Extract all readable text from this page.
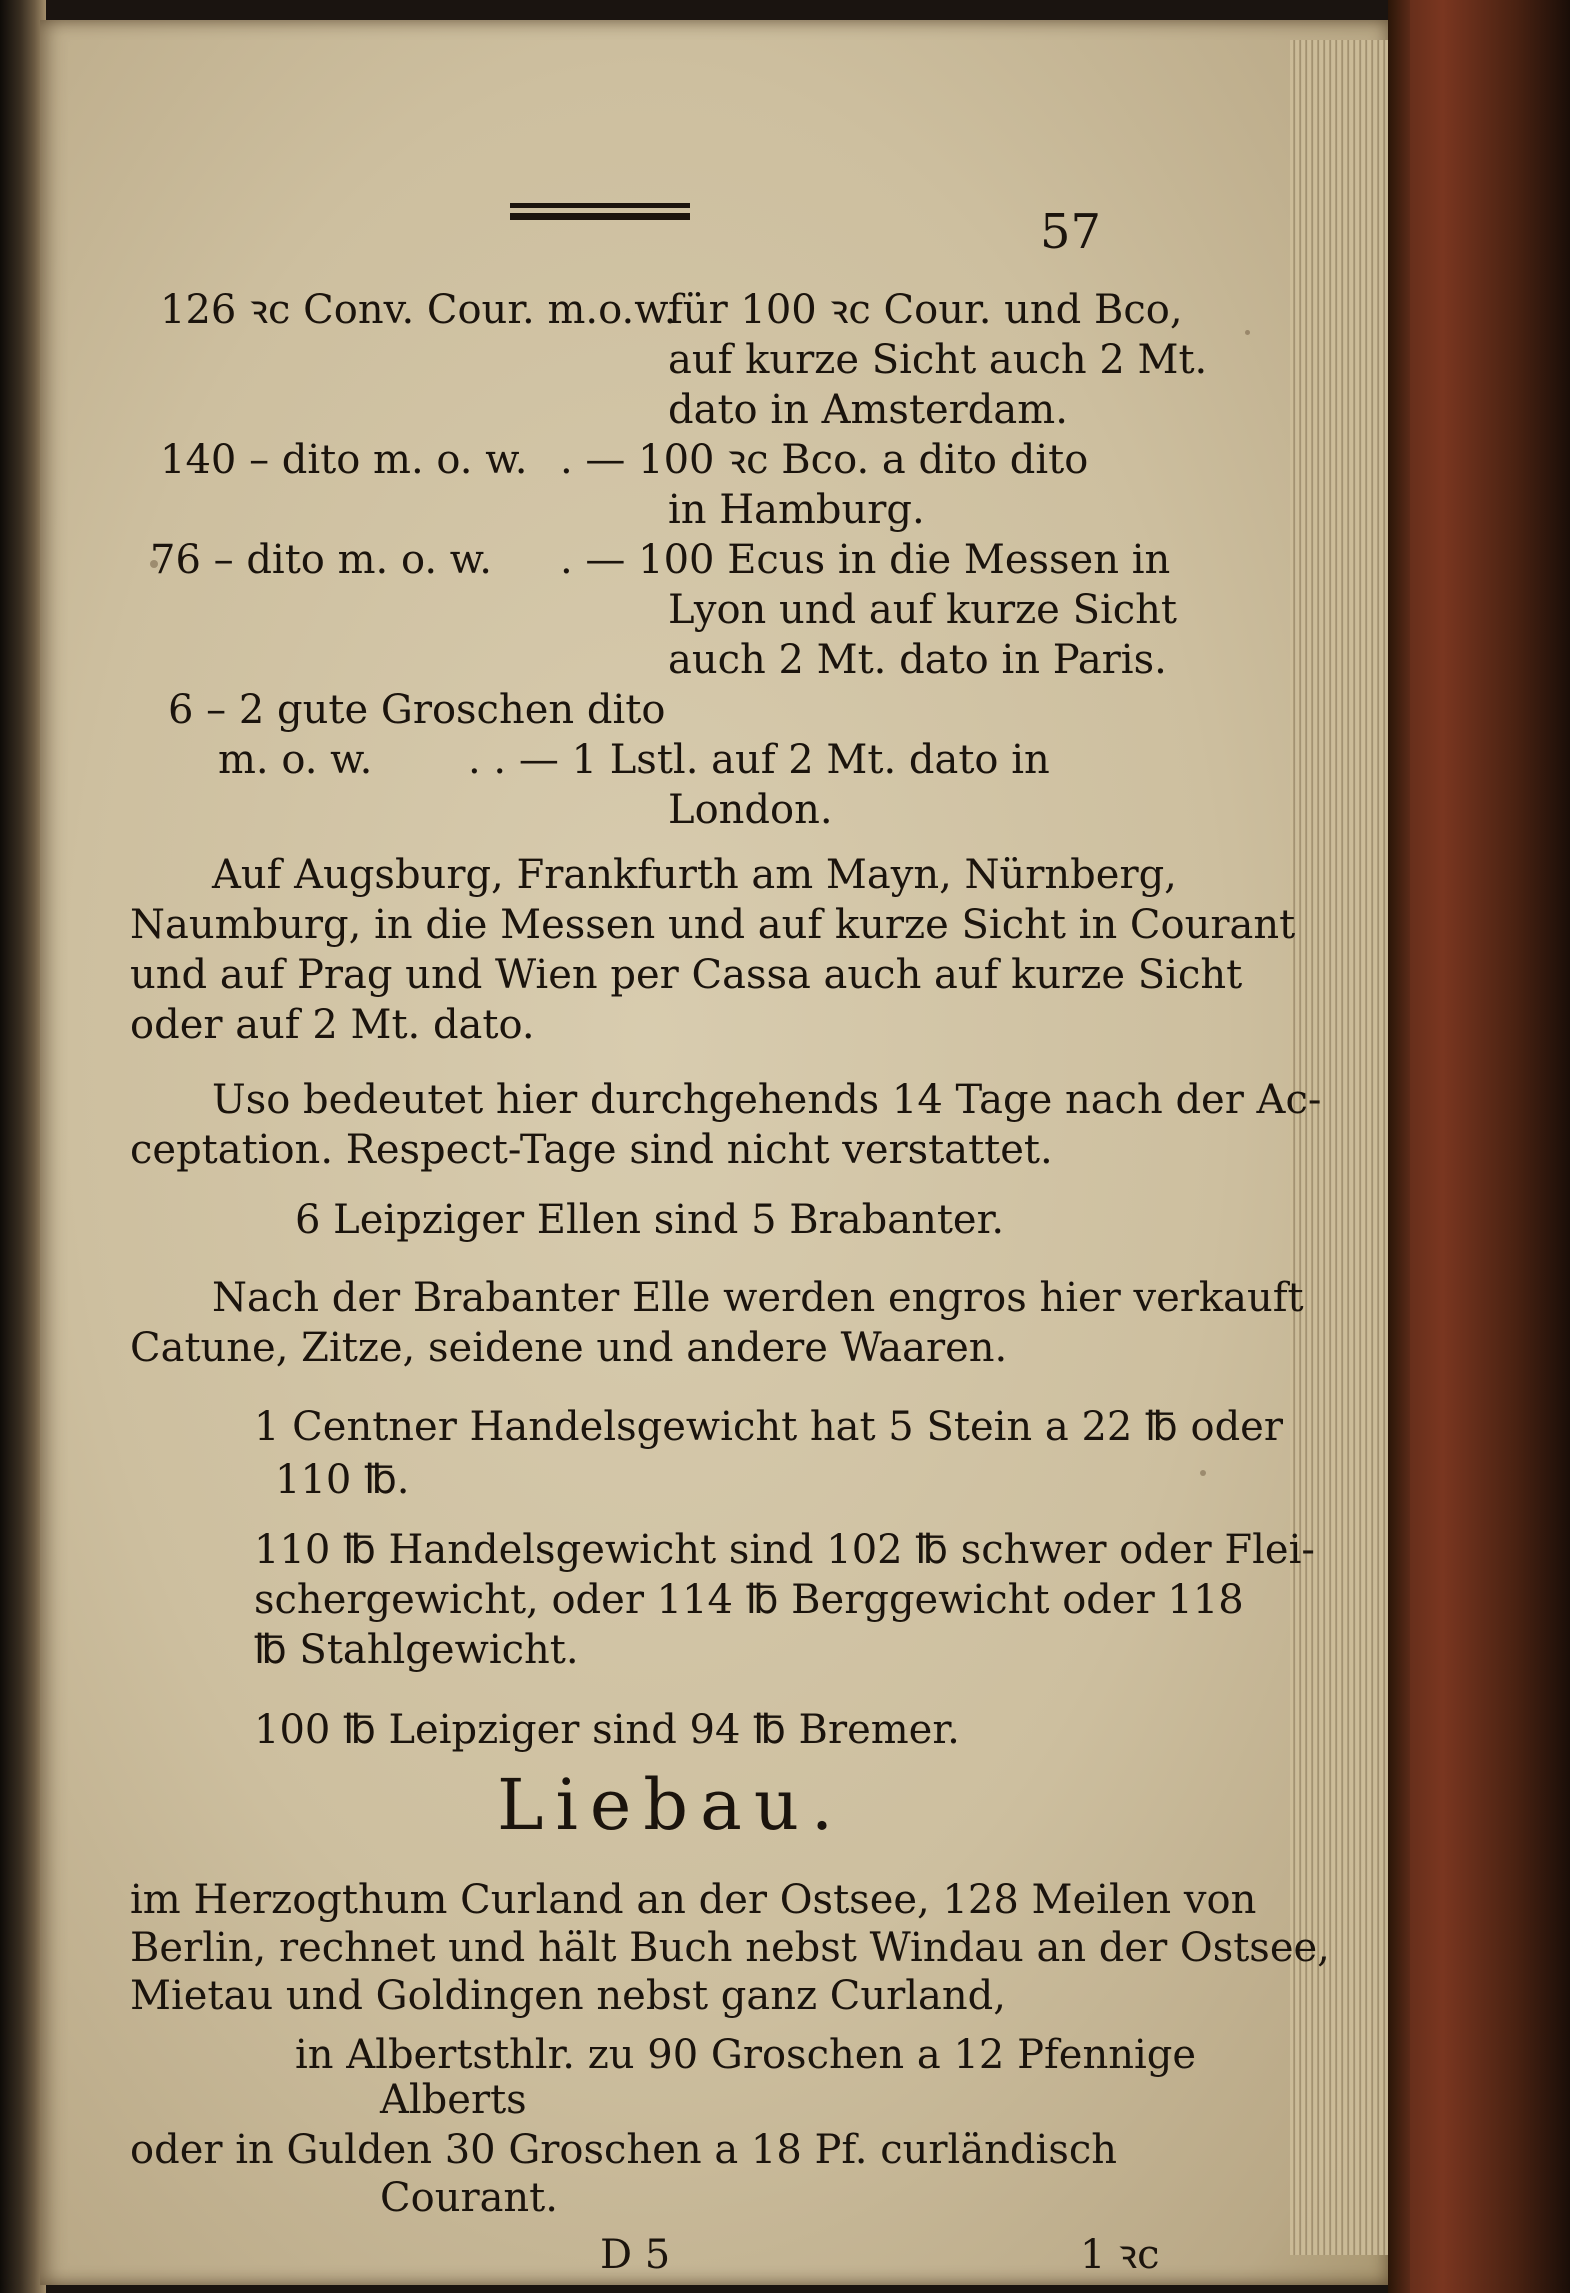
57
126 ꝛc Conv. Cour. m.o.w.
für 100 ꝛc Cour. und Bco,
auf kurze Sicht auch 2 Mt.
dato in Amsterdam.
140 – dito m. o. w. . — 100 ꝛc Bco. a dito dito
in Hamburg.
76 – dito m. o. w. . — 100 Ecus in die Messen in
Lyon und auf kurze Sicht
auch 2 Mt. dato in Paris.
6 – 2 gute Groschen dito
m. o. w. . . — 1 Lstl. auf 2 Mt. dato in
London.
Auf Augsburg, Frankfurth am Mayn, Nürnberg,
Naumburg, in die Messen und auf kurze Sicht in Courant
und auf Prag und Wien per Cassa auch auf kurze Sicht
oder auf 2 Mt. dato.
Uso bedeutet hier durchgehends 14 Tage nach der Ac-
ceptation. Respect-Tage sind nicht verstattet.
6 Leipziger Ellen sind 5 Brabanter.
Nach der Brabanter Elle werden engros hier verkauft
Catune, Zitze, seidene und andere Waaren.
1 Centner Handelsgewicht hat 5 Stein a 22 ℔ oder
110 ℔.
110 ℔ Handelsgewicht sind 102 ℔ schwer oder Flei-
schergewicht, oder 114 ℔ Berggewicht oder 118
℔ Stahlgewicht.
100 ℔ Leipziger sind 94 ℔ Bremer.
Liebau.
im Herzogthum Curland an der Ostsee, 128 Meilen von
Berlin, rechnet und hält Buch nebst Windau an der Ostsee,
Mietau und Goldingen nebst ganz Curland,
in Albertsthlr. zu 90 Groschen a 12 Pfennige
Alberts
oder in Gulden 30 Groschen a 18 Pf. curländisch
Courant.
D 5	1 ꝛc
